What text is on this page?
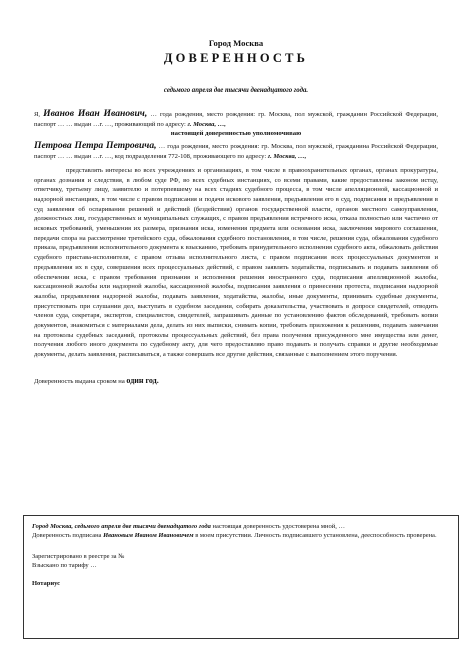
Город Москва

ДОВЕРЕННОСТЬ

седьмого апреля две тысячи двенадцатого года.

Я, Иванов Иван Иванович, … года рождения, место рождения: гр. Москва, пол мужской, гражданин Российской Федерации, паспорт … … выдан …г. …, проживающий по адресу: г. Москва, …,

настоящей доверенностью уполномочиваю

Петрова Петра Петровича, … года рождения, место рождения: гр. Москва, пол мужской, гражданина Российской Федерации, паспорт … … выдан …г. …, код подразделения 772-108, проживающего по адресу: г. Москва, …,

представлять интересы во всех учреждениях и организациях, в том числе в правоохранительных органах, органах прокуратуры, органах дознания и следствия, в любом суде РФ, во всех судебных инстанциях, со всеми правами, какие предоставлены законом истцу, ответчику, третьему лицу, заявителю и потерпевшему на всех стадиях судебного процесса, в том числе апелляционной, кассационной и надзорной инстанциях, в том числе с правом подписания и подачи искового заявления, предъявления его в суд, подписания и предъявления в суд заявления об оспаривании решений и действий (бездействия) органов государственной власти, органов местного самоуправления, должностных лиц, государственных и муниципальных служащих, с правом предъявления встречного иска, отказа полностью или частично от исковых требований, уменьшения их размера, признания иска, изменения предмета или основания иска, заключения мирового соглашения, передачи спора на рассмотрение третейского суда, обжалования судебного постановления, в том числе, решения суда, обжалования судебного приказа, предъявления исполнительного документа к взысканию, требовать принудительного исполнения судебного акта, обжаловать действия судебного пристава-исполнителя, с правом отзыва исполнительного листа, с правом подписания всех процессуальных документов и предъявления их в суде, совершения всех процессуальных действий, с правом заявлять ходатайства, подписывать и подавать заявления об обеспечении иска, с правом требования признания и исполнения решения иностранного суда, подписания апелляционной жалобы, кассационной жалобы или надзорной жалобы, кассационной жалобы, подписания заявления о принесении протеста, подписания надзорной жалобы, предъявления надзорной жалобы, подавать заявления, ходатайства, жалобы, иные документы, принимать судебные документы, присутствовать при слушании дел, выступать в судебном заседании, собирать доказательства, участвовать в допросе свидетелей, отводить членов суда, секретаря, экспертов, специалистов, свидетелей, запрашивать данные по установлению фактов обследований, требовать копии документов, знакомиться с материалами дела, делать из них выписки, снимать копии, требовать приложения к решениям, подавать замечания на протоколы судебных заседаний, протоколы процессуальных действий, без права получения присужденного мне имущества или денег, получения любого иного документа по судебному акту, для чего предоставляю право подавать и получать справки и другие необходимые документы, делать заявления, расписываться, а также совершать все другие действия, связанные с выполнением этого поручения.

Доверенность выдана сроком на один год.

Город Москва, седьмого апреля две тысячи двенадцатого года настоящая доверенность удостоверена мной, …

Доверенность подписана Ивановым Иваном Ивановичем в моем присутствии. Личность подписавшего установлена, дееспособность проверена.

Зарегистрировано в реестре за №

Взыскано по тарифу …

Нотариус
